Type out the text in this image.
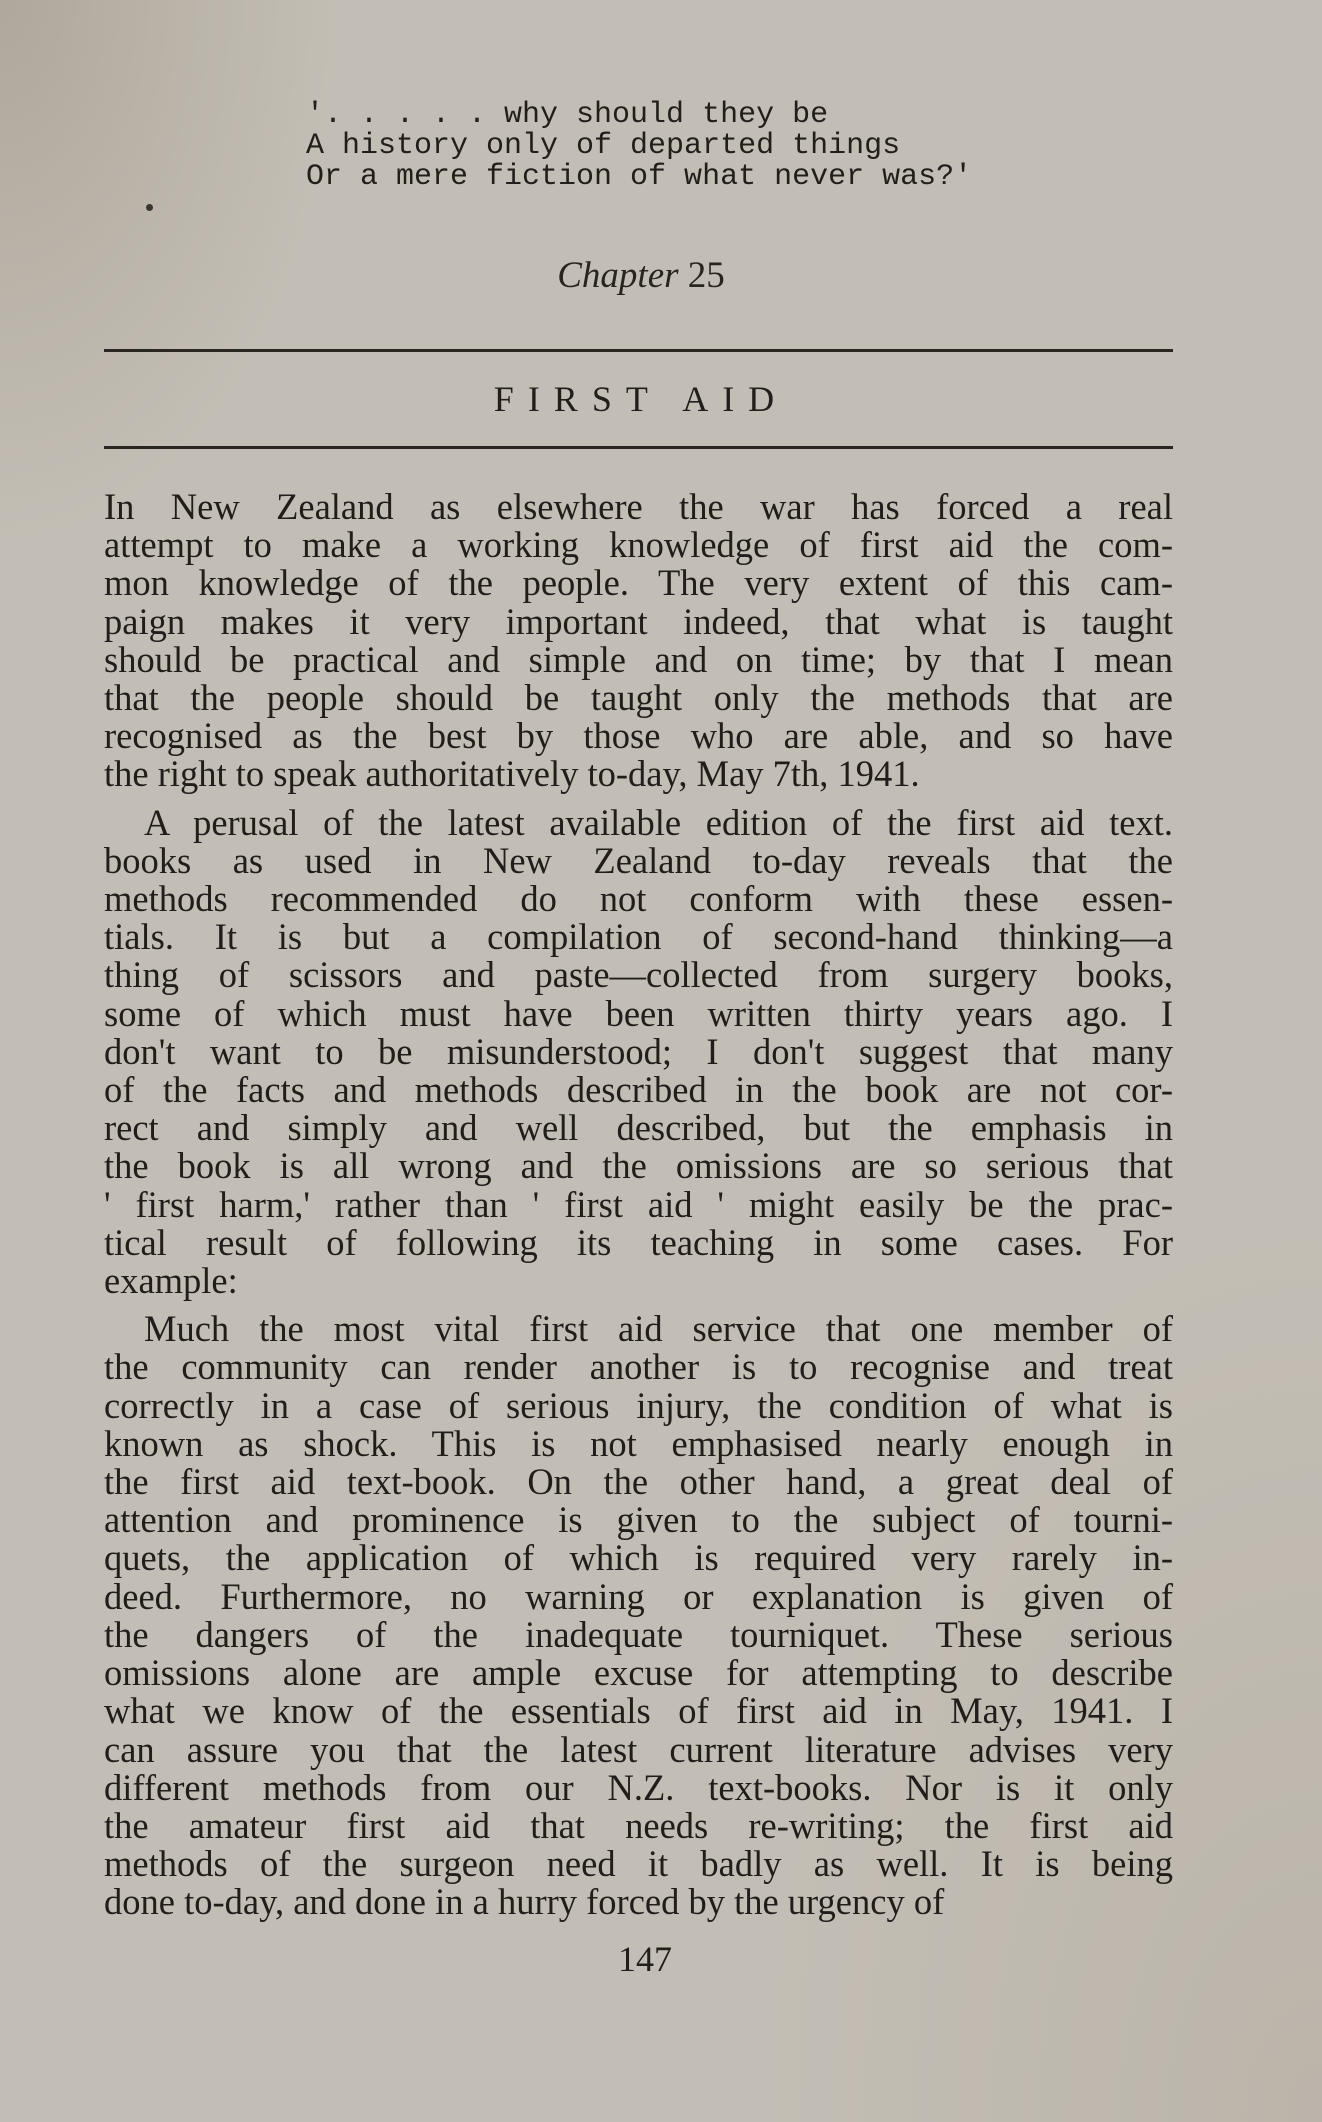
'. . . . . why should they be
A history only of departed things
Or a mere fiction of what never was?'
Chapter 25
FIRST AID
In New Zealand as elsewhere the war has forced a real
attempt to make a working knowledge of first aid the com-
mon knowledge of the people. The very extent of this cam-
paign makes it very important indeed, that what is taught
should be practical and simple and on time; by that I mean
that the people should be taught only the methods that are
recognised as the best by those who are able, and so have
the right to speak authoritatively to-day, May 7th, 1941.
A perusal of the latest available edition of the first aid text.
books as used in New Zealand to-day reveals that the
methods recommended do not conform with these essen-
tials. It is but a compilation of second-hand thinking—a
thing of scissors and paste—collected from surgery books,
some of which must have been written thirty years ago. I
don't want to be misunderstood; I don't suggest that many
of the facts and methods described in the book are not cor-
rect and simply and well described, but the emphasis in
the book is all wrong and the omissions are so serious that
' first harm,' rather than ' first aid ' might easily be the prac-
tical result of following its teaching in some cases. For
example:
Much the most vital first aid service that one member of
the community can render another is to recognise and treat
correctly in a case of serious injury, the condition of what is
known as shock. This is not emphasised nearly enough in
the first aid text-book. On the other hand, a great deal of
attention and prominence is given to the subject of tourni-
quets, the application of which is required very rarely in-
deed. Furthermore, no warning or explanation is given of
the dangers of the inadequate tourniquet. These serious
omissions alone are ample excuse for attempting to describe
what we know of the essentials of first aid in May, 1941. I
can assure you that the latest current literature advises very
different methods from our N.Z. text-books. Nor is it only
the amateur first aid that needs re-writing; the first aid
methods of the surgeon need it badly as well. It is being
done to-day, and done in a hurry forced by the urgency of
147
